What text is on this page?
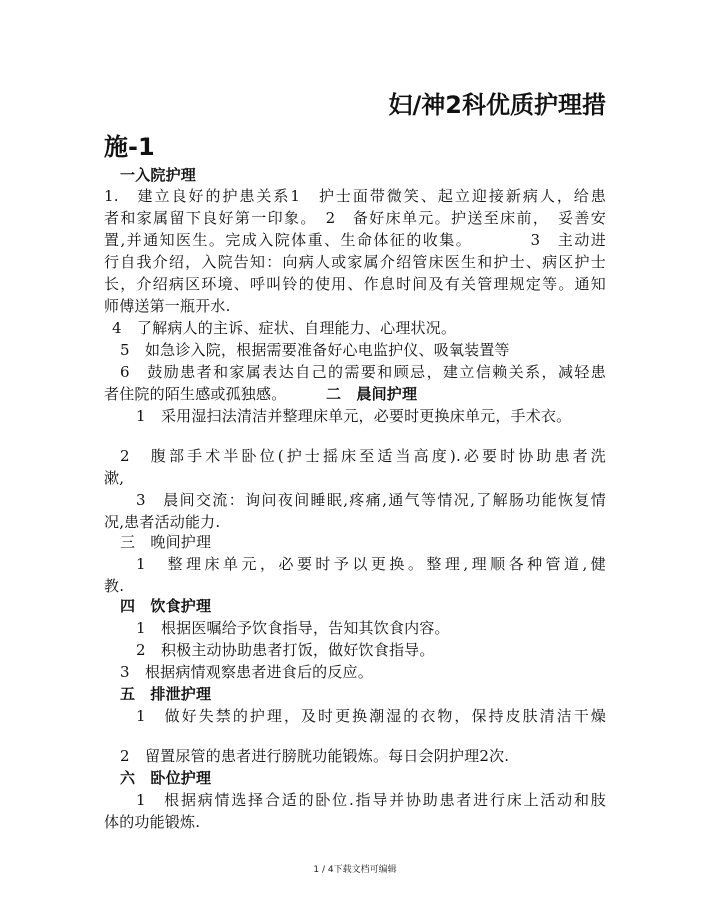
妇/神2科优质护理措
施-1
一入院护理
1.　建立良好的护患关系1　护士面带微笑、起立迎接新病人，给患
者和家属留下良好第一印象。　2　备好床单元。护送至床前，　妥善安
置,并通知医生。完成入院体重、生命体征的收集。　　　　3　主动进
行自我介绍，入院告知：向病人或家属介绍管床医生和护士、病区护士
长，介绍病区环境、呼叫铃的使用、作息时间及有关管理规定等。通知
师傅送第一瓶开水.
4　了解病人的主诉、症状、自理能力、心理状况。
5　如急诊入院，根据需要准备好心电监护仪、吸氧装置等
6　鼓励患者和家属表达自己的需要和顾忌，建立信赖关系，减轻患
者住院的陌生感或孤独感。	二　晨间护理
1　采用湿扫法清洁并整理床单元，必要时更换床单元，手术衣。
2　腹部手术半卧位(护士摇床至适当高度).必要时协助患者洗
漱,
3　晨间交流：询问夜间睡眠,疼痛,通气等情况,了解肠功能恢复情
况,患者活动能力.
三　晚间护理
1　整理床单元，必要时予以更换。整理,理顺各种管道,健
教.
四　饮食护理
1　根据医嘱给予饮食指导，告知其饮食内容。
2　积极主动协助患者打饭，做好饮食指导。
3　根据病情观察患者进食后的反应。
五　排泄护理
1　做好失禁的护理，及时更换潮湿的衣物，保持皮肤清洁干燥
2　留置尿管的患者进行膀胱功能锻炼。每日会阴护理2次.
六　卧位护理
1　根据病情选择合适的卧位.指导并协助患者进行床上活动和肢
体的功能锻炼.
1 / 4下载文档可编辑
